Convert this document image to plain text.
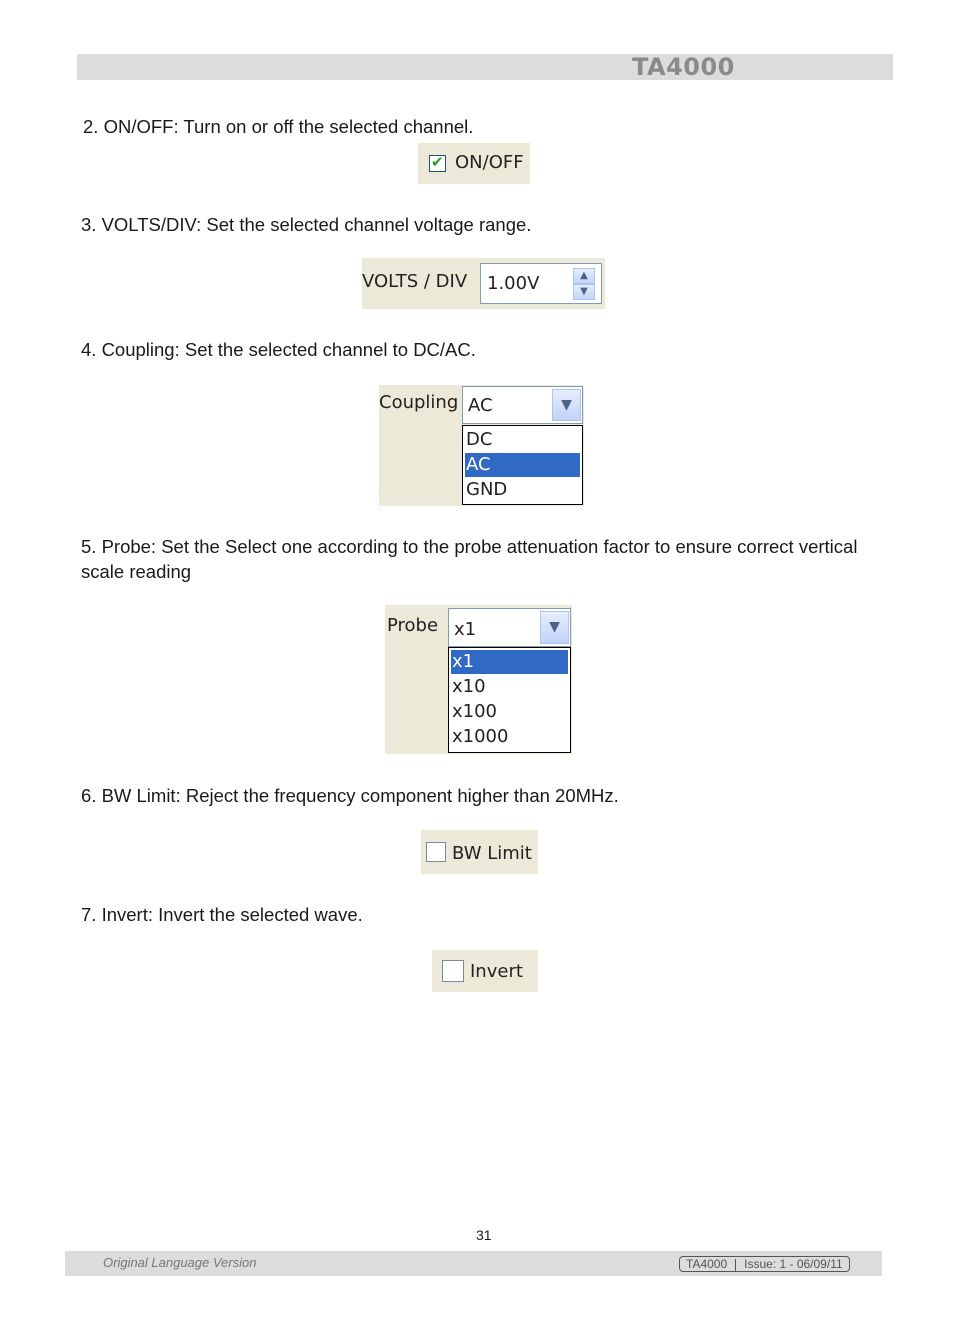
TA4000
2. ON/OFF: Turn on or off the selected channel.
✔ ON/OFF
3. VOLTS/DIV: Set the selected channel voltage range.
VOLTS / DIV 1.00V	▲
▼
4. Coupling: Set the selected channel to DC/AC.
Coupling AC	▼
DC
AC
GND
5. Probe: Set the Select one according to the probe attenuation factor to ensure correct vertical scale reading
Probe x1	▼
x1
x10
x100
x1000
6. BW Limit: Reject the frequency component higher than 20MHz.
BW Limit
7. Invert: Invert the selected wave.
Invert
31
Original Language Version	TA4000 Issue: 1 - 06/09/11
